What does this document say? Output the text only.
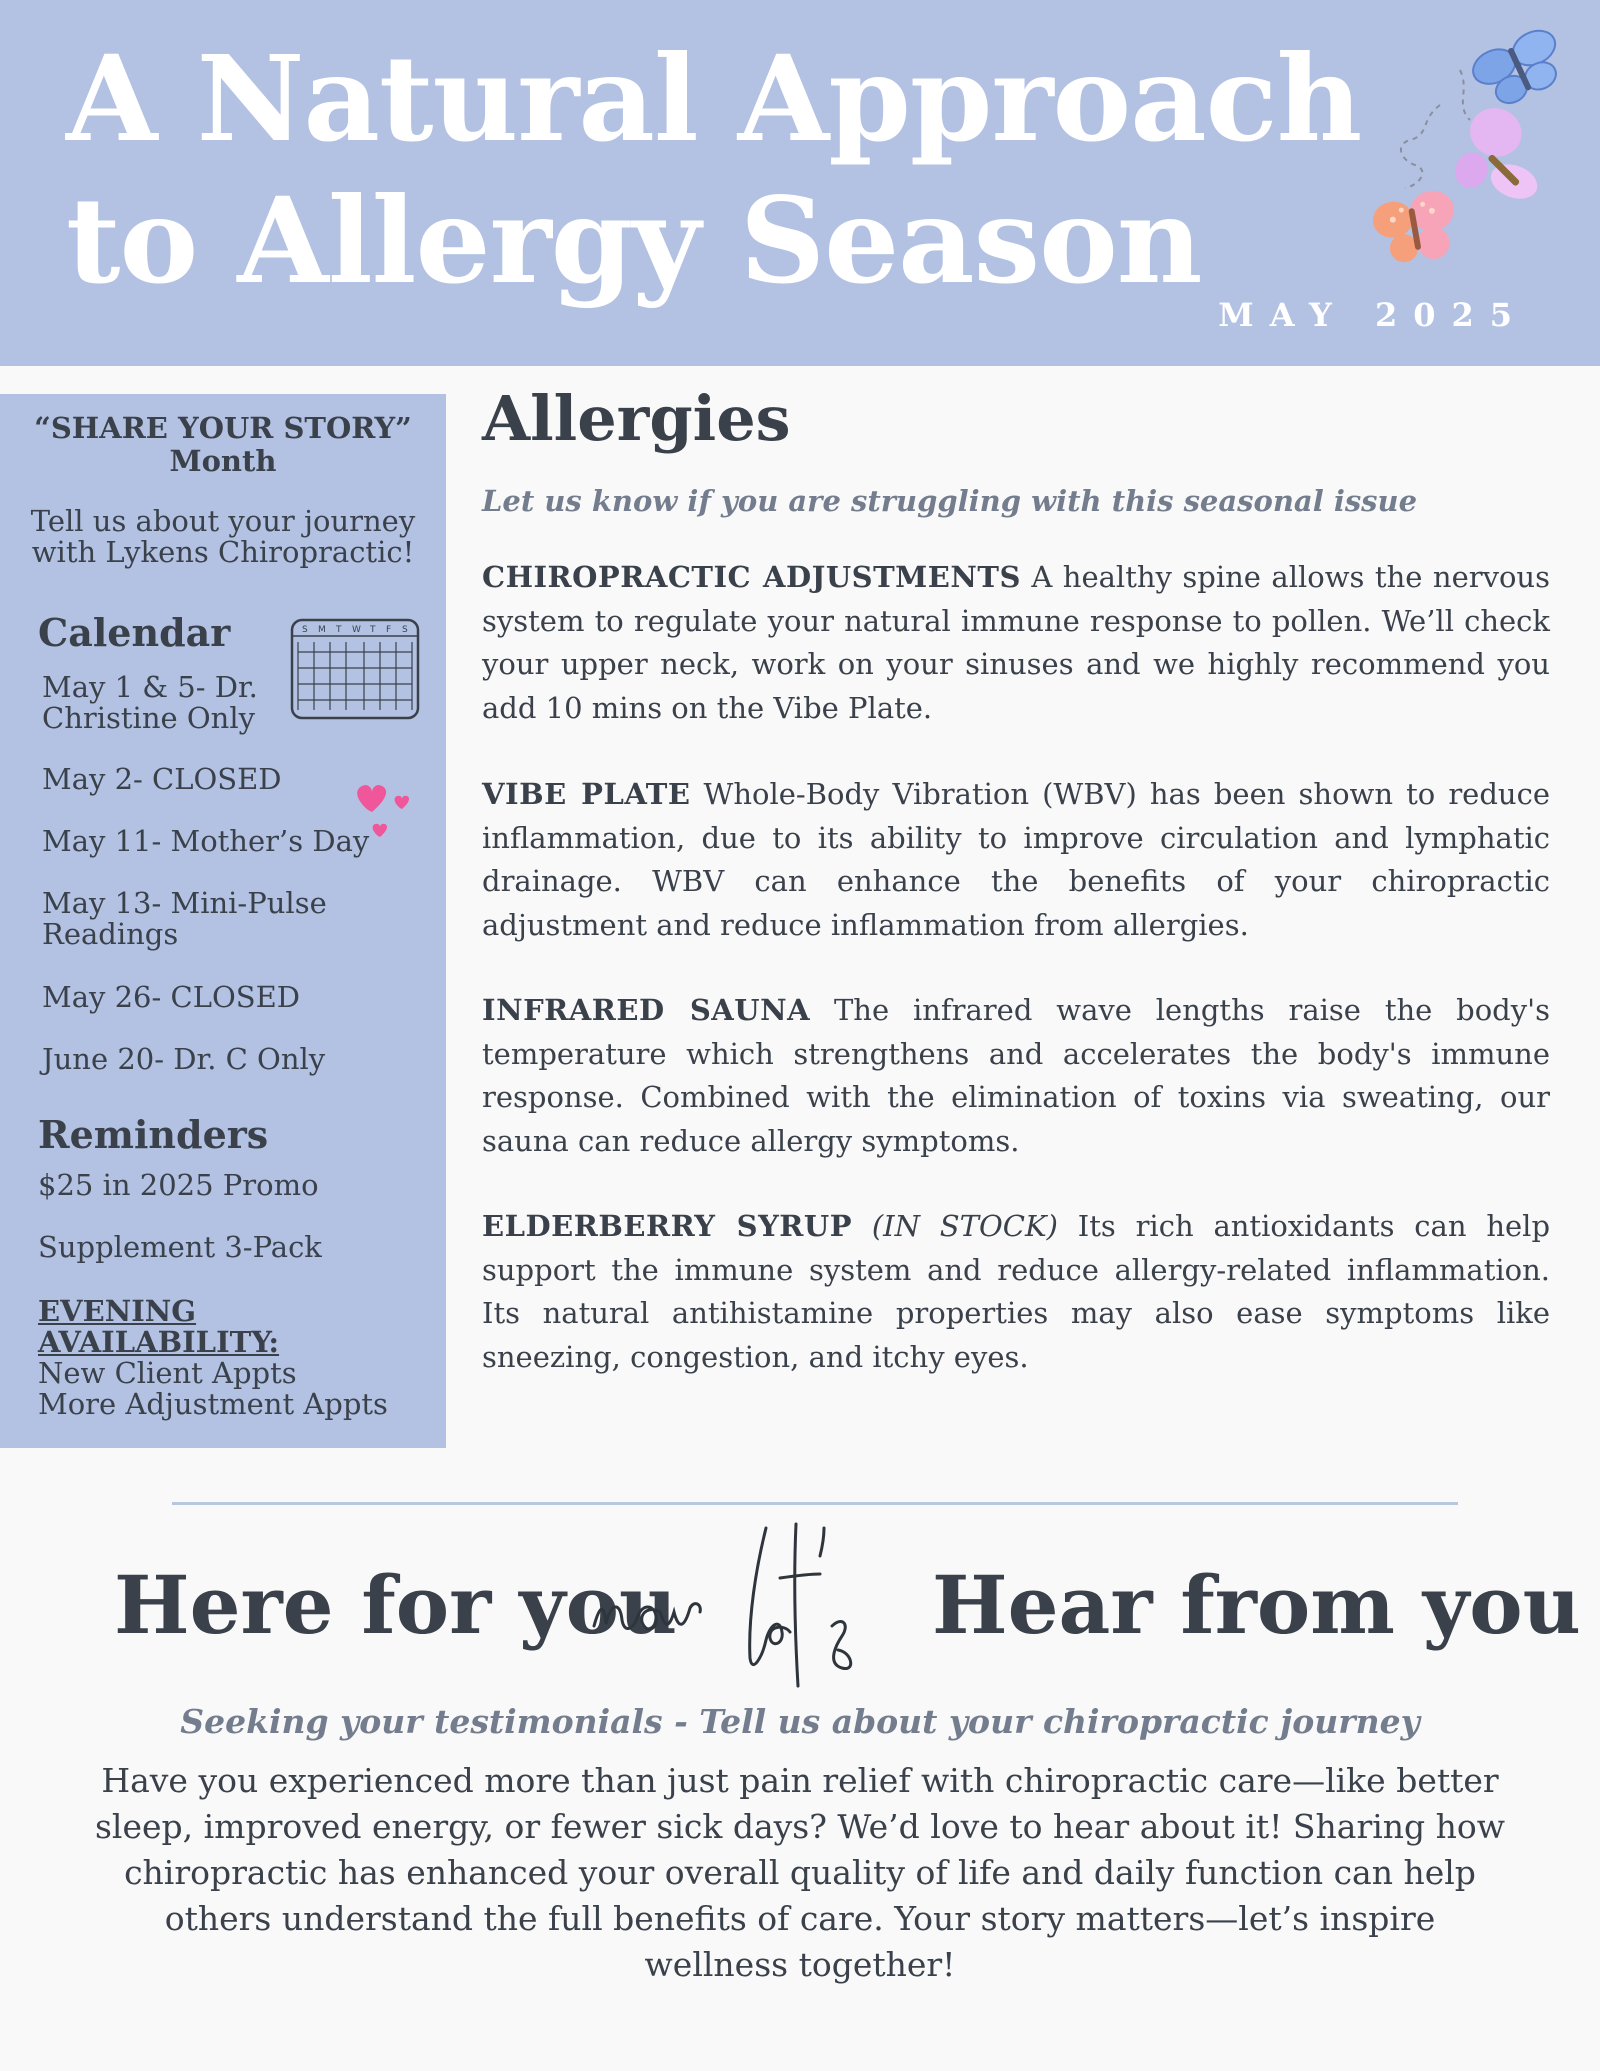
A Natural Approach
to Allergy Season
MAY 2025
“SHARE YOUR STORY”
Month
Tell us about your journey
with Lykens Chiropractic!
Calendar	S M T W T F S
May 1 & 5- Dr.
Christine Only
May 2- CLOSED
May 11- Mother’s Day
May 13- Mini-Pulse
Readings
May 26- CLOSED
June 20- Dr. C Only
Reminders
$25 in 2025 Promo
Supplement 3-Pack
EVENING AVAILABILITY:
New Client Appts
More Adjustment Appts
Allergies
Let us know if you are struggling with this seasonal issue

CHIROPRACTIC ADJUSTMENTS A healthy spine allows the nervous system to regulate your natural immune response to pollen. We’ll check your upper neck, work on your sinuses and we highly recommend you add 10 mins on the Vibe Plate.

VIBE PLATE Whole-Body Vibration (WBV) has been shown to reduce inflammation, due to its ability to improve circulation and lymphatic drainage. WBV can enhance the benefits of your chiropractic adjustment and reduce inflammation from allergies.

INFRARED SAUNA The infrared wave lengths raise the body's temperature which strengthens and accelerates the body's immune response. Combined with the elimination of toxins via sweating, our sauna can reduce allergy symptoms.

ELDERBERRY SYRUP (IN STOCK) Its rich antioxidants can help support the immune system and reduce allergy-related inflammation. Its natural antihistamine properties may also ease symptoms like sneezing, congestion, and itchy eyes.

Here for you	Hear from you
Seeking your testimonials - Tell us about your chiropractic journey

Have you experienced more than just pain relief with chiropractic care—like better sleep, improved energy, or fewer sick days? We’d love to hear about it! Sharing how chiropractic has enhanced your overall quality of life and daily function can help others understand the full benefits of care. Your story matters—let’s inspire wellness together!
